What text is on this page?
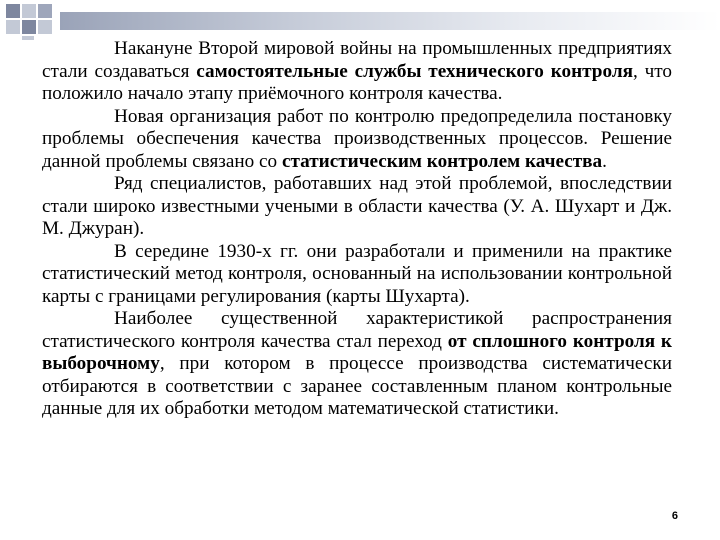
Накануне Второй мировой войны на промышленных предприятиях стали создаваться самостоятельные службы технического контроля, что положило начало этапу приёмочного контроля качества.

Новая организация работ по контролю предопределила постановку проблемы обеспечения качества производственных процессов. Решение данной проблемы связано со статистическим контролем качества.

Ряд специалистов, работавших над этой проблемой, впоследствии стали широко известными учеными в области качества (У. А. Шухарт и Дж. М. Джуран).

В середине 1930-х гг. они разработали и применили на практике статистический метод контроля, основанный на использовании контрольной карты с границами регулирования (карты Шухарта).

Наиболее существенной характеристикой распространения статистического контроля качества стал переход от сплошного контроля к выборочному, при котором в процессе производства систематически отбираются в соответствии с заранее составленным планом контрольные данные для их обработки методом математической статистики.

6
